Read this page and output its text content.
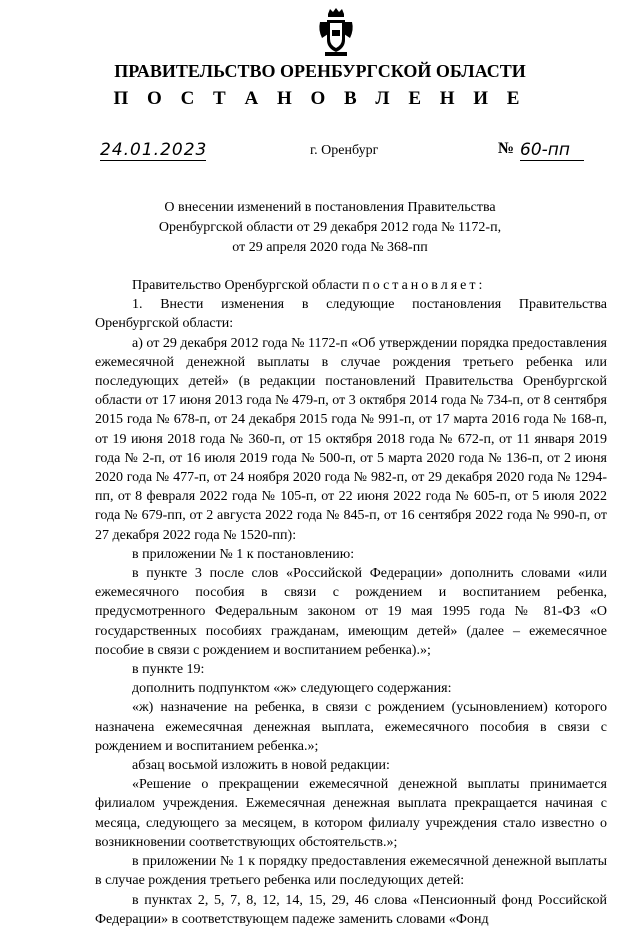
ПРАВИТЕЛЬСТВО ОРЕНБУРГСКОЙ ОБЛАСТИ
П О С Т А Н О В Л Е Н И Е
24.01.2023	г. Оренбург	№ 60-пп
О внесении изменений в постановления Правительства
Оренбургской области от 29 декабря 2012 года № 1172-п,
от 29 апреля 2020 года № 368-пп

Правительство Оренбургской области постановляет:

1. Внести изменения в следующие постановления Правительства Оренбургской области:

а) от 29 декабря 2012 года № 1172-п «Об утверждении порядка предоставления ежемесячной денежной выплаты в случае рождения третьего ребенка или последующих детей» (в редакции постановлений Правительства Оренбургской области от 17 июня 2013 года № 479-п, от 3 октября 2014 года № 734-п, от 8 сентября 2015 года № 678-п, от 24 декабря 2015 года № 991-п, от 17 марта 2016 года № 168-п, от 19 июня 2018 года № 360-п, от 15 октября 2018 года № 672-п, от 11 января 2019 года № 2-п, от 16 июля 2019 года № 500-п, от 5 марта 2020 года № 136-п, от 2 июня 2020 года № 477-п, от 24 ноября 2020 года № 982-п, от 29 декабря 2020 года № 1294-пп, от 8 февраля 2022 года № 105-п, от 22 июня 2022 года № 605-п, от 5 июля 2022 года № 679-пп, от 2 августа 2022 года № 845-п, от 16 сентября 2022 года № 990-п, от 27 декабря 2022 года № 1520-пп):

в приложении № 1 к постановлению:

в пункте 3 после слов «Российской Федерации» дополнить словами «или ежемесячного пособия в связи с рождением и воспитанием ребенка, предусмотренного Федеральным законом от 19 мая 1995 года № 81-ФЗ «О государственных пособиях гражданам, имеющим детей» (далее – ежемесячное пособие в связи с рождением и воспитанием ребенка).»;

в пункте 19:

дополнить подпунктом «ж» следующего содержания:

«ж) назначение на ребенка, в связи с рождением (усыновлением) которого назначена ежемесячная денежная выплата, ежемесячного пособия в связи с рождением и воспитанием ребенка.»;

абзац восьмой изложить в новой редакции:

«Решение о прекращении ежемесячной денежной выплаты принимается филиалом учреждения. Ежемесячная денежная выплата прекращается начиная с месяца, следующего за месяцем, в котором филиалу учреждения стало известно о возникновении соответствующих обстоятельств.»;

в приложении № 1 к порядку предоставления ежемесячной денежной выплаты в случае рождения третьего ребенка или последующих детей:

в пунктах 2, 5, 7, 8, 12, 14, 15, 29, 46 слова «Пенсионный фонд Российской Федерации» в соответствующем падеже заменить словами «Фонд
